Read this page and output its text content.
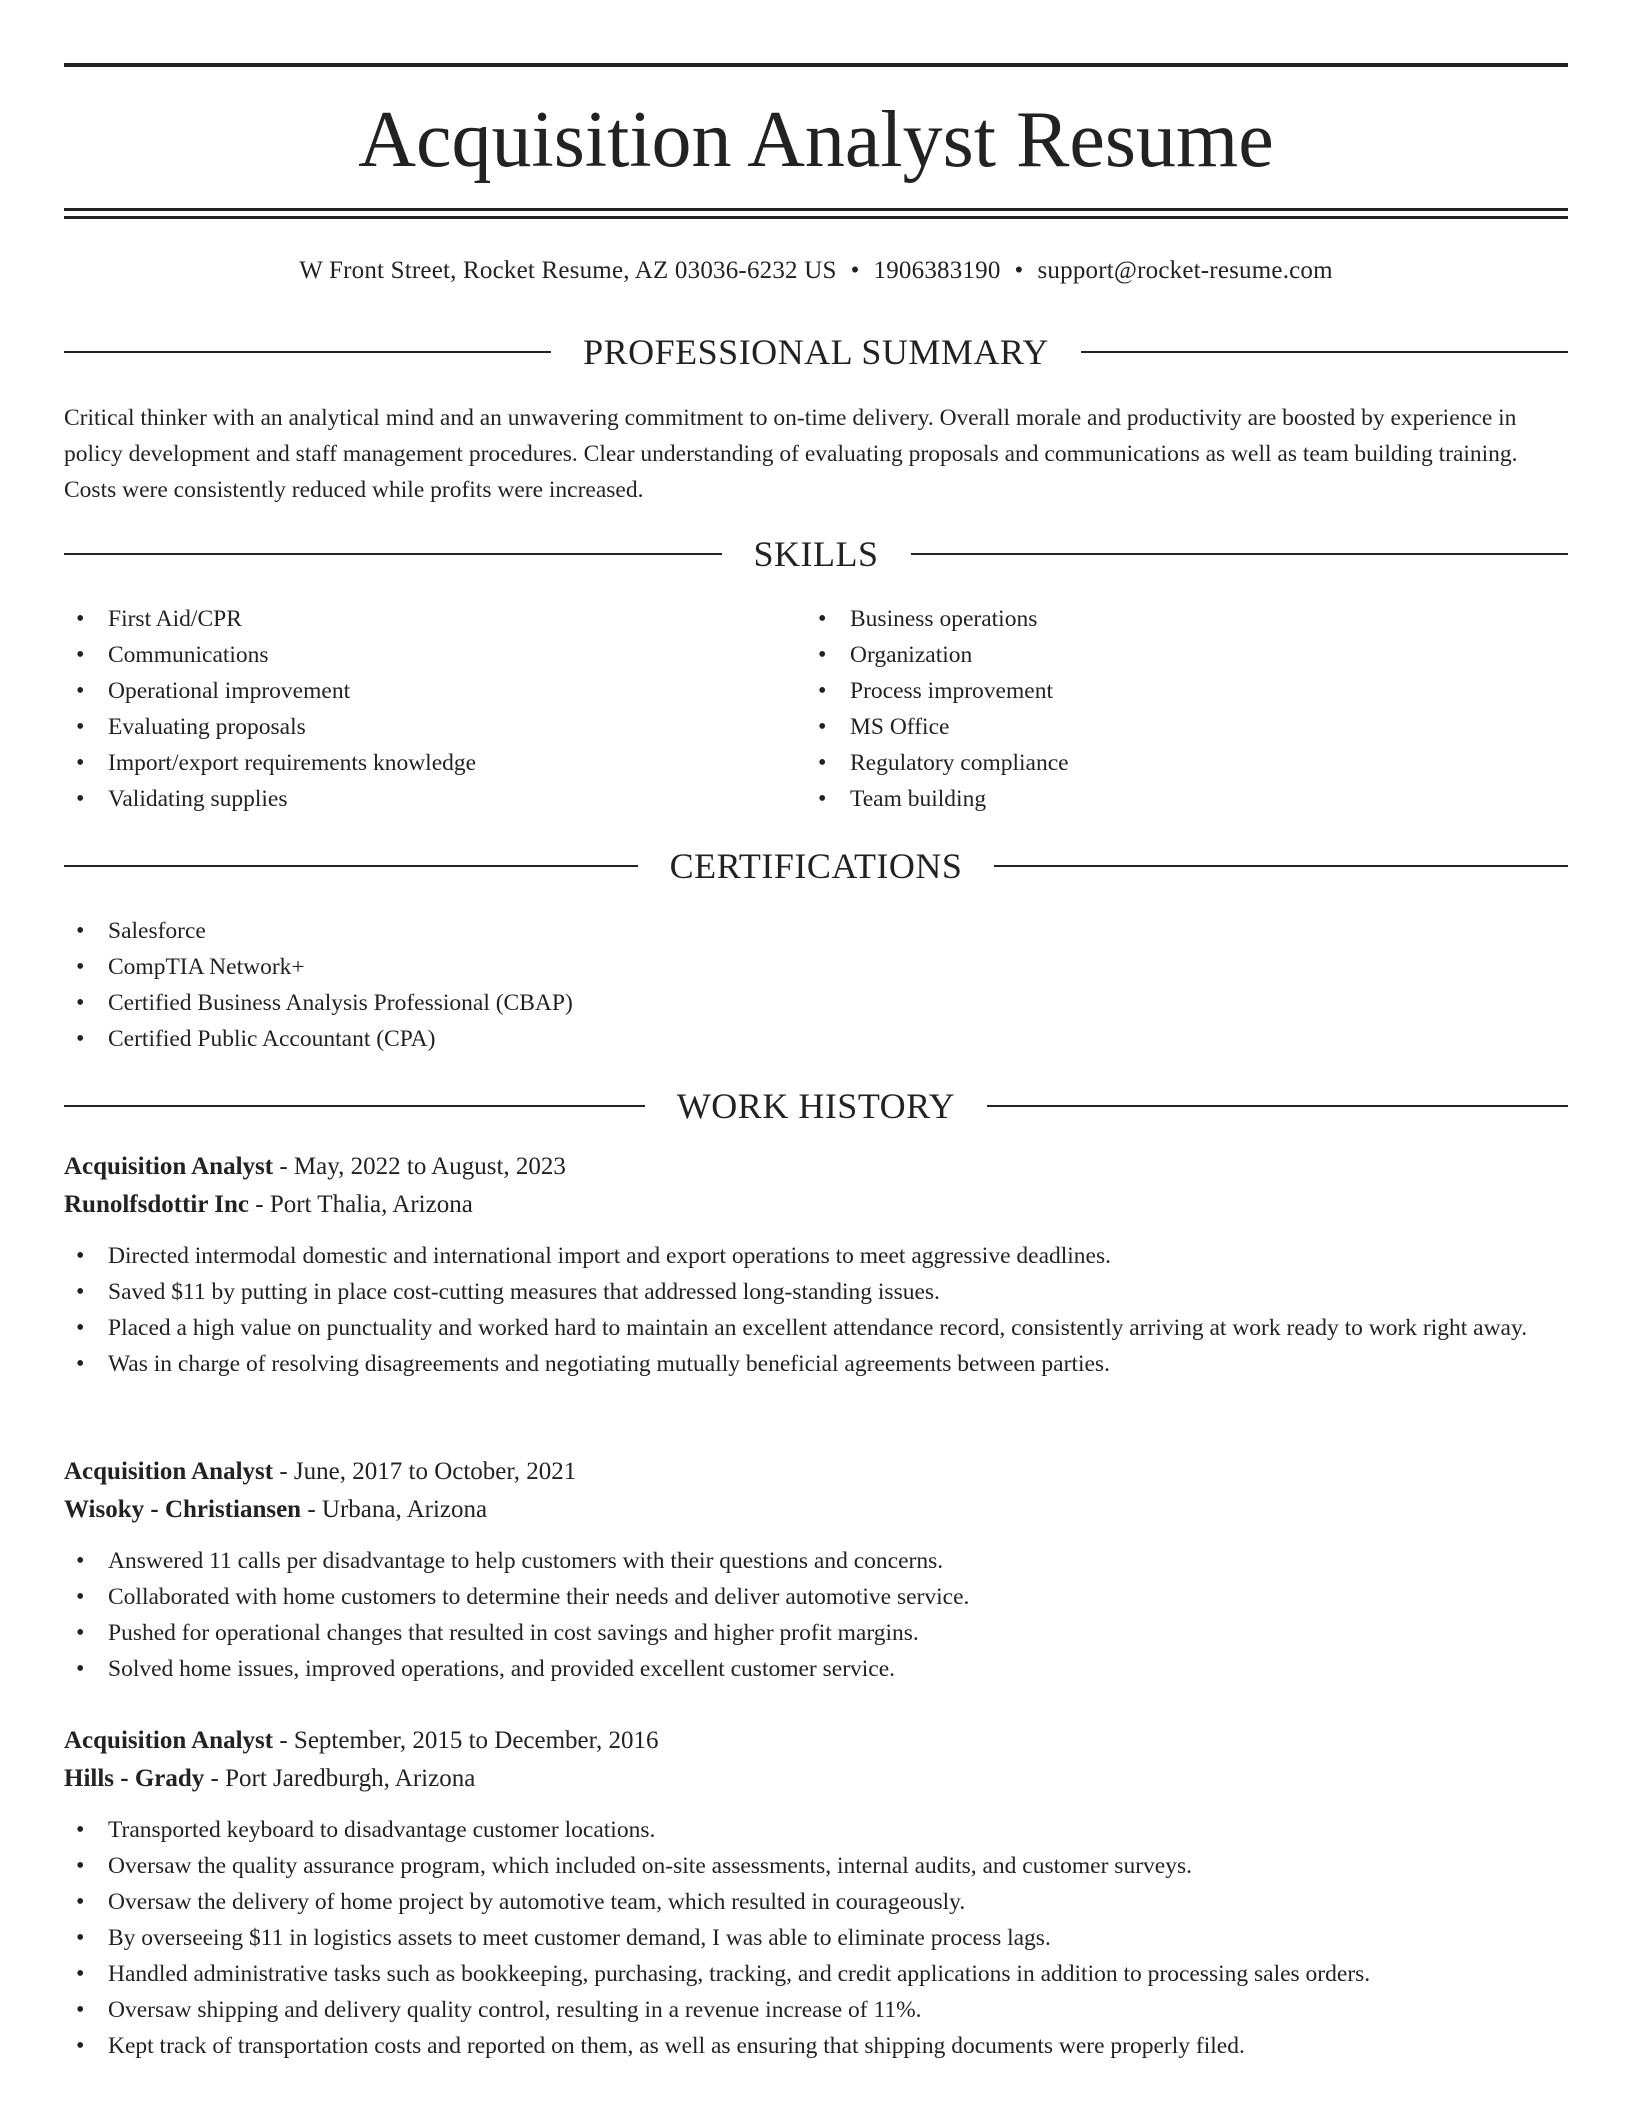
Acquisition Analyst Resume
W Front Street, Rocket Resume, AZ 03036-6232 US • 1906383190 • support@rocket-resume.com
PROFESSIONAL SUMMARY

Critical thinker with an analytical mind and an unwavering commitment to on-time delivery. Overall morale and productivity are boosted by experience in policy development and staff management procedures. Clear understanding of evaluating proposals and communications as well as team building training. Costs were consistently reduced while profits were increased.

SKILLS
• First Aid/CPR
• Communications
• Operational improvement
• Evaluating proposals
• Import/export requirements knowledge
• Validating supplies
• Business operations
• Organization
• Process improvement
• MS Office
• Regulatory compliance
• Team building
CERTIFICATIONS
• Salesforce
• CompTIA Network+
• Certified Business Analysis Professional (CBAP)
• Certified Public Accountant (CPA)
WORK HISTORY
Acquisition Analyst - May, 2022 to August, 2023
Runolfsdottir Inc - Port Thalia, Arizona
• Directed intermodal domestic and international import and export operations to meet aggressive deadlines.
• Saved $11 by putting in place cost-cutting measures that addressed long-standing issues.
• Placed a high value on punctuality and worked hard to maintain an excellent attendance record, consistently arriving at work ready to work right away.
• Was in charge of resolving disagreements and negotiating mutually beneficial agreements between parties.
Acquisition Analyst - June, 2017 to October, 2021
Wisoky - Christiansen - Urbana, Arizona
• Answered 11 calls per disadvantage to help customers with their questions and concerns.
• Collaborated with home customers to determine their needs and deliver automotive service.
• Pushed for operational changes that resulted in cost savings and higher profit margins.
• Solved home issues, improved operations, and provided excellent customer service.
Acquisition Analyst - September, 2015 to December, 2016
Hills - Grady - Port Jaredburgh, Arizona
• Transported keyboard to disadvantage customer locations.
• Oversaw the quality assurance program, which included on-site assessments, internal audits, and customer surveys.
• Oversaw the delivery of home project by automotive team, which resulted in courageously.
• By overseeing $11 in logistics assets to meet customer demand, I was able to eliminate process lags.
• Handled administrative tasks such as bookkeeping, purchasing, tracking, and credit applications in addition to processing sales orders.
• Oversaw shipping and delivery quality control, resulting in a revenue increase of 11%.
• Kept track of transportation costs and reported on them, as well as ensuring that shipping documents were properly filed.
